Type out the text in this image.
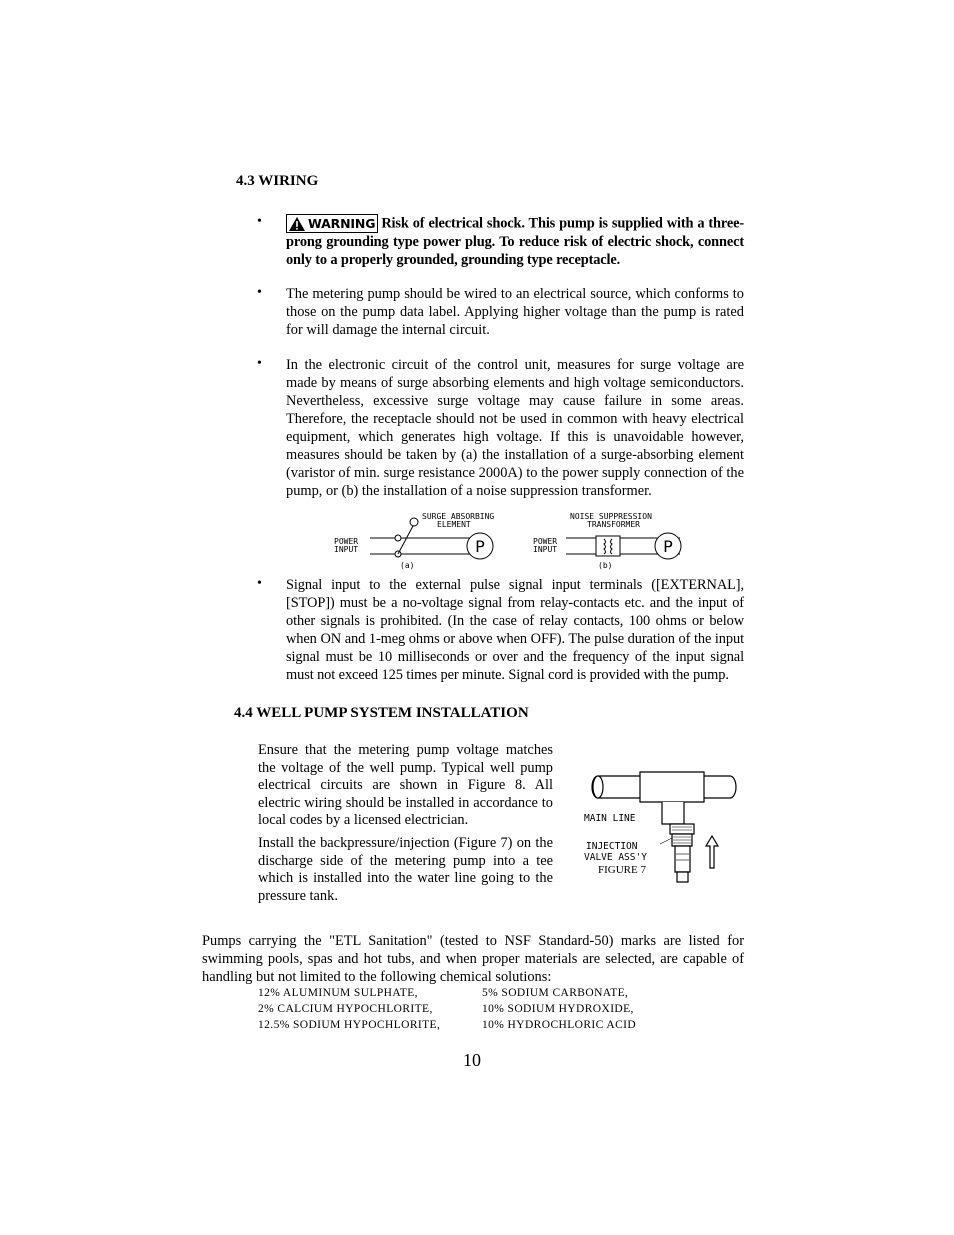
4.3 WIRING
•	WARNING Risk of electrical shock. This pump is supplied with a three-prong grounding type power plug. To reduce risk of electric shock, connect only to a properly grounded, grounding type receptacle.
• The metering pump should be wired to an electrical source, which conforms to those on the pump data label. Applying higher voltage than the pump is rated for will damage the internal circuit.
• In the electronic circuit of the control unit, measures for surge voltage are made by means of surge absorbing elements and high voltage semiconductors. Nevertheless, excessive surge voltage may cause failure in some areas. Therefore, the receptacle should not be used in common with heavy electrical equipment, which generates high voltage. If this is unavoidable however, measures should be taken by (a) the installation of a surge-absorbing element (varistor of min. surge resistance 2000A) to the power supply connection of the pump, or (b) the installation of a noise suppression transformer.
SURGE ABSORBING
ELEMENT
POWER
INPUT
(a)
NOISE SUPPRESSION
TRANSFORMER
POWER
INPUT
(b)
P	P
• Signal input to the external pulse signal input terminals ([EXTERNAL], [STOP]) must be a no-voltage signal from relay-contacts etc. and the input of other signals is prohibited. (In the case of relay contacts, 100 ohms or below when ON and 1-meg ohms or above when OFF). The pulse duration of the input signal must be 10 milliseconds or over and the frequency of the input signal must not exceed 125 times per minute. Signal cord is provided with the pump.
4.4 WELL PUMP SYSTEM INSTALLATION
Ensure that the metering pump voltage matches the voltage of the well pump. Typical well pump electrical circuits are shown in Figure 8. All electric wiring should be installed in accordance to local codes by a licensed electrician.
Install the backpressure/injection (Figure 7) on the discharge side of the metering pump into a tee which is installed into the water line going to the pressure tank.
MAIN LINE
INJECTION
VALVE ASS'Y
FIGURE 7
Pumps carrying the "ETL Sanitation" (tested to NSF Standard-50) marks are listed for swimming pools, spas and hot tubs, and when proper materials are selected, are capable of handling but not limited to the following chemical solutions:
12% ALUMINUM SULPHATE,
2% CALCIUM HYPOCHLORITE,
12.5% SODIUM HYPOCHLORITE,
5% SODIUM CARBONATE,
10% SODIUM HYDROXIDE,
10% HYDROCHLORIC ACID
10
